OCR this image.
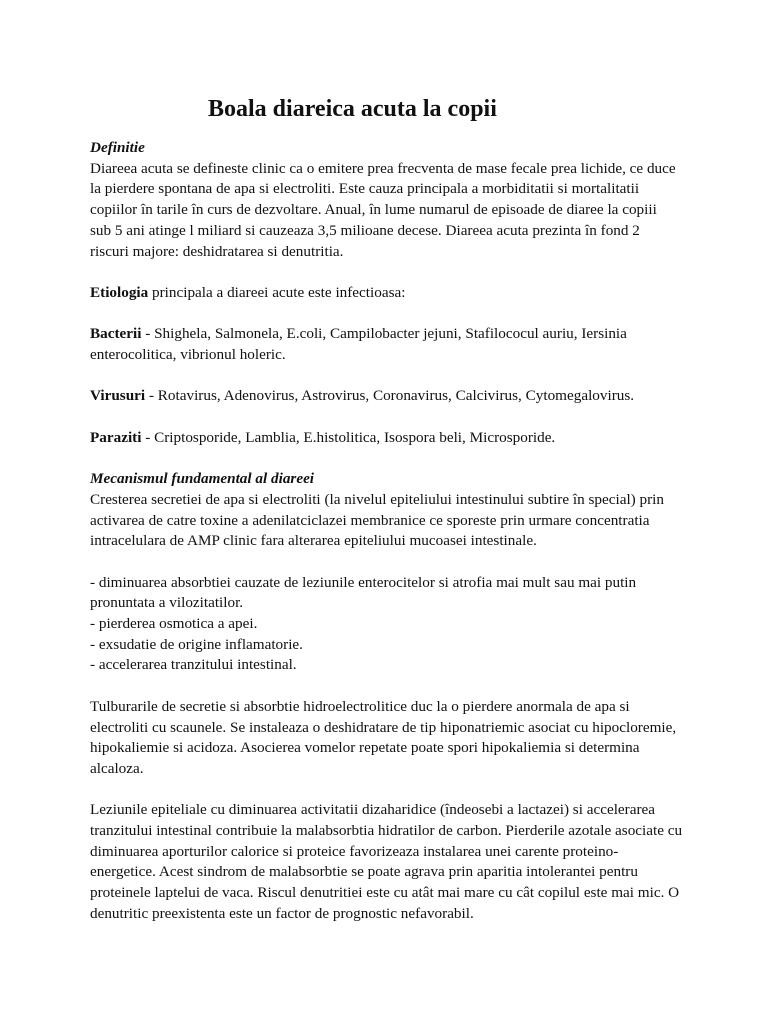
Boala diareica acuta la copii

Definitie

Diareea acuta se defineste clinic ca o emitere prea frecventa de mase fecale prea lichide, ce duce

la pierdere spontana de apa si electroliti. Este cauza principala a morbiditatii si mortalitatii

copiilor în tarile în curs de dezvoltare. Anual, în lume numarul de episoade de diaree la copiii

sub 5 ani atinge l miliard si cauzeaza 3,5 milioane decese. Diareea acuta prezinta în fond 2

riscuri majore: deshidratarea si denutritia.

Etiologia principala a diareei acute este infectioasa:

Bacterii - Shighela, Salmonela, E.coli, Campilobacter jejuni, Stafilococul auriu, Iersinia

enterocolitica, vibrionul holeric.

Virusuri - Rotavirus, Adenovirus, Astrovirus, Coronavirus, Calcivirus, Cytomegalovirus.

Paraziti - Criptosporide, Lamblia, E.histolitica, Isospora beli, Microsporide.

Mecanismul fundamental al diareei

Cresterea secretiei de apa si electroliti (la nivelul epiteliului intestinului subtire în special) prin

activarea de catre toxine a adenilatciclazei membranice ce sporeste prin urmare concentratia

intracelulara de AMP clinic fara alterarea epiteliului mucoasei intestinale.

- diminuarea absorbtiei cauzate de leziunile enterocitelor si atrofia mai mult sau mai putin

pronuntata a vilozitatilor.

- pierderea osmotica a apei.

- exsudatie de origine inflamatorie.

- accelerarea tranzitului intestinal.

Tulburarile de secretie si absorbtie hidroelectrolitice duc la o pierdere anormala de apa si

electroliti cu scaunele. Se instaleaza o deshidratare de tip hiponatriemic asociat cu hipocloremie,

hipokaliemie si acidoza. Asocierea vomelor repetate poate spori hipokaliemia si determina

alcaloza.

Leziunile epiteliale cu diminuarea activitatii dizaharidice (îndeosebi a lactazei) si accelerarea

tranzitului intestinal contribuie la malabsorbtia hidratilor de carbon. Pierderile azotale asociate cu

diminuarea aporturilor calorice si proteice favorizeaza instalarea unei carente proteino-

energetice. Acest sindrom de malabsorbtie se poate agrava prin aparitia intolerantei pentru

proteinele laptelui de vaca. Riscul denutritiei este cu atât mai mare cu cât copilul este mai mic. O

denutritic preexistenta este un factor de prognostic nefavorabil.
